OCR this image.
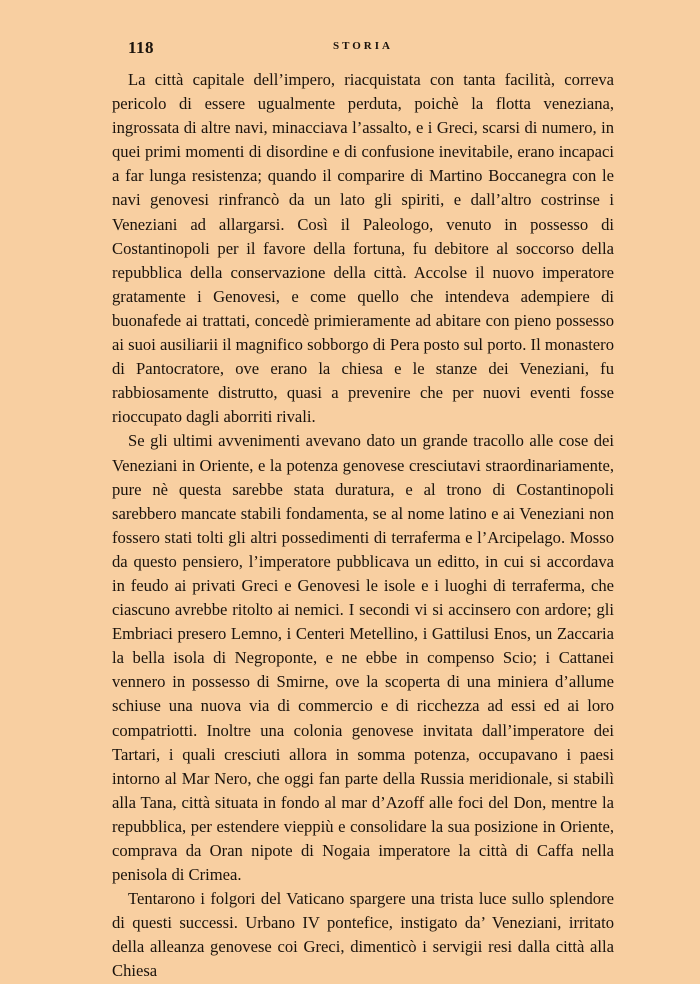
118	STORIA

La città capitale dell’impero, riacquistata con tanta facilità, correva pericolo di essere ugualmente perduta, poichè la flotta veneziana, ingrossata di altre navi, minacciava l’assalto, e i Greci, scarsi di numero, in quei primi momenti di disordine e di confusione inevitabile, erano incapaci a far lunga resistenza; quando il comparire di Martino Boccanegra con le navi genovesi rinfrancò da un lato gli spiriti, e dall’altro costrinse i Veneziani ad allargarsi. Così il Paleologo, venuto in possesso di Costantinopoli per il favore della fortuna, fu debitore al soccorso della repubblica della conservazione della città. Accolse il nuovo imperatore gratamente i Genovesi, e come quello che intendeva adempiere di buonafede ai trattati, concedè primieramente ad abitare con pieno possesso ai suoi ausiliarii il magnifico sobborgo di Pera posto sul porto. Il monastero di Pantocratore, ove erano la chiesa e le stanze dei Veneziani, fu rabbiosamente distrutto, quasi a prevenire che per nuovi eventi fosse rioccupato dagli aborriti rivali.

Se gli ultimi avvenimenti avevano dato un grande tracollo alle cose dei Veneziani in Oriente, e la potenza genovese cresciutavi straordinariamente, pure nè questa sarebbe stata duratura, e al trono di Costantinopoli sarebbero mancate stabili fondamenta, se al nome latino e ai Veneziani non fossero stati tolti gli altri possedimenti di terraferma e l’Arcipelago. Mosso da questo pensiero, l’imperatore pubblicava un editto, in cui si accordava in feudo ai privati Greci e Genovesi le isole e i luoghi di terraferma, che ciascuno avrebbe ritolto ai nemici. I secondi vi si accinsero con ardore; gli Embriaci presero Lemno, i Centeri Metellino, i Gattilusi Enos, un Zaccaria la bella isola di Negroponte, e ne ebbe in compenso Scio; i Cattanei vennero in possesso di Smirne, ove la scoperta di una miniera d’allume schiuse una nuova via di commercio e di ricchezza ad essi ed ai loro compatriotti. Inoltre una colonia genovese invitata dall’imperatore dei Tartari, i quali cresciuti allora in somma potenza, occupavano i paesi intorno al Mar Nero, che oggi fan parte della Russia meridionale, si stabilì alla Tana, città situata in fondo al mar d’Azoff alle foci del Don, mentre la repubblica, per estendere vieppiù e consolidare la sua posizione in Oriente, comprava da Oran nipote di Nogaia imperatore la città di Caffa nella penisola di Crimea.

Tentarono i folgori del Vaticano spargere una trista luce sullo splendore di questi successi. Urbano IV pontefice, instigato da’ Veneziani, irritato della alleanza genovese coi Greci, dimenticò i servigii resi dalla città alla Chiesa
